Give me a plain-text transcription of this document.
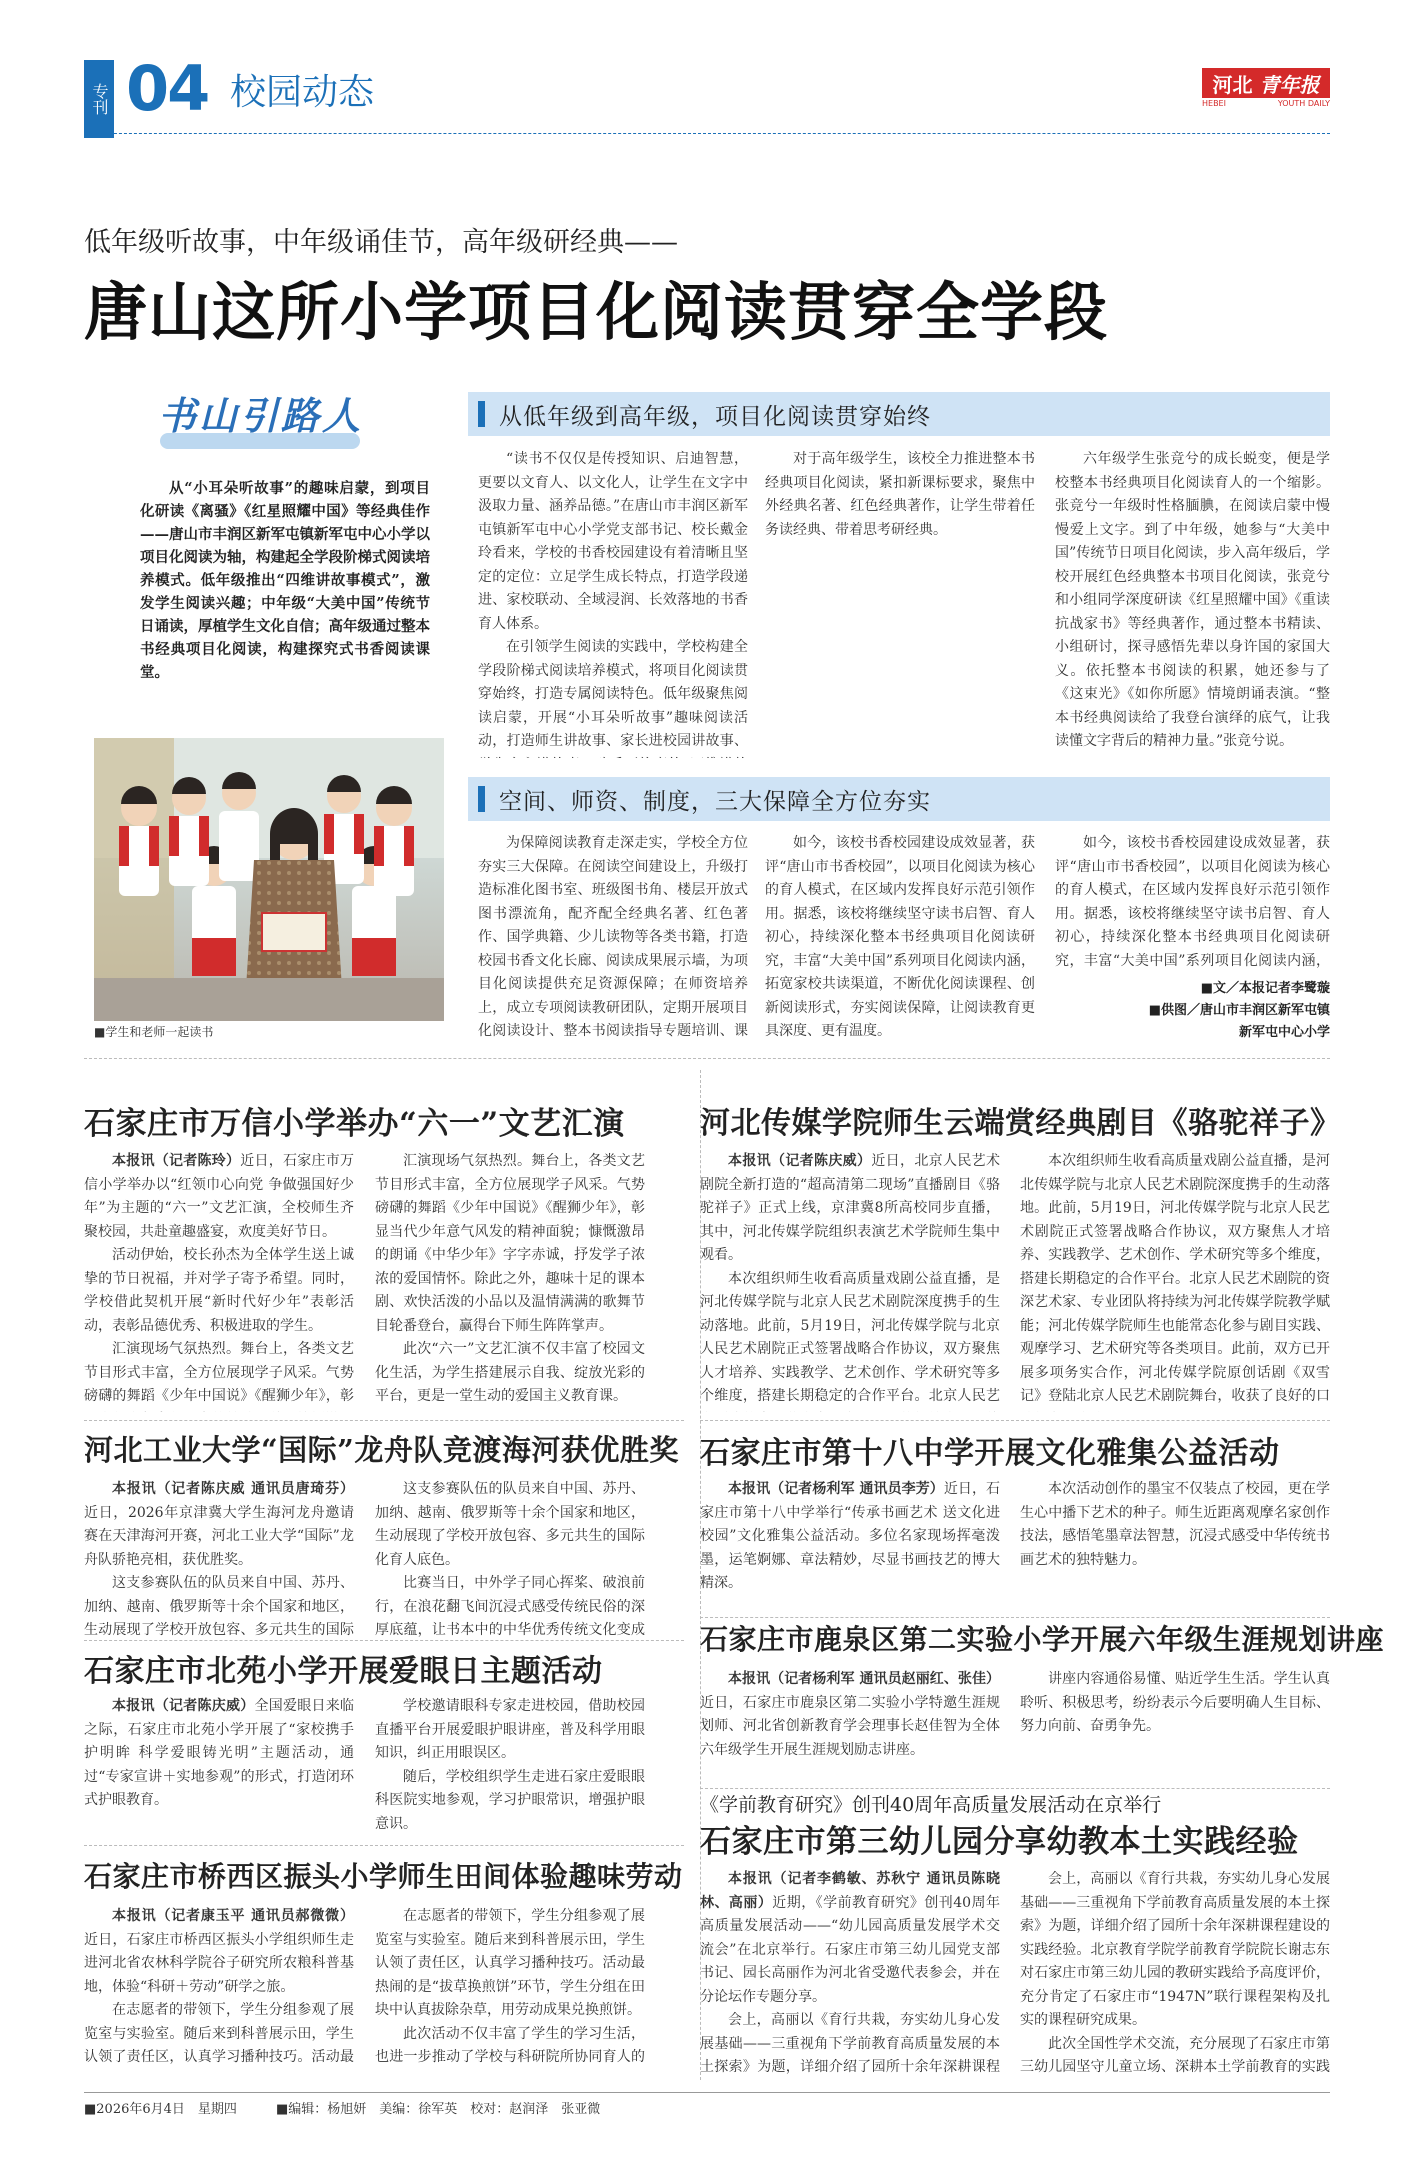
专刊 04 校园动态	河北
青年报
HEBEI	YOUTH DAILY
低年级听故事，中年级诵佳节，高年级研经典——
唐山这所小学项目化阅读贯穿全学段
书山引路人

从“小耳朵听故事”的趣味启蒙，到项目化研读《离骚》《红星照耀中国》等经典佳作——唐山市丰润区新军屯镇新军屯中心小学以项目化阅读为轴，构建起全学段阶梯式阅读培养模式。低年级推出“四维讲故事模式”，激发学生阅读兴趣；中年级“大美中国”传统节日诵读，厚植学生文化自信；高年级通过整本书经典项目化阅读，构建探究式书香阅读课堂。

■学生和老师一起读书
从低年级到高年级，项目化阅读贯穿始终

“读书不仅仅是传授知识、启迪智慧，更要以文育人、以文化人，让学生在文字中汲取力量、涵养品德。”在唐山市丰润区新军屯镇新军屯中心小学党支部书记、校长戴金玲看来，学校的书香校园建设有着清晰且坚定的定位：立足学生成长特点，打造学段递进、家校联动、全域浸润、长效落地的书香育人体系。

在引领学生阅读的实践中，学校构建全学段阶梯式阅读培养模式，将项目化阅读贯穿始终，打造专属阅读特色。低年级聚焦阅读启蒙，开展“小耳朵听故事”趣味阅读活动，打造师生讲故事、家长进校园讲故事、

对于高年级学生，该校全力推进整本书经典项目化阅读，紧扣新课标要求，聚焦中外经典名著、红色经典著作，让学生带着任务读经典、带着思考研经典。

六年级学生张竞兮的成长蜕变，便是学校整本书经典项目化阅读育人的一个缩影。张竞兮一年级时性格腼腆，在阅读启蒙中慢慢爱上文字。到了中年级，她参与“大美中国”传统节日项目化阅读，步入高年级后，学校开展红色经典整本书项目化阅读，张竞兮和小组同学深度研读《红星照耀中国》《重读抗战家书》等经典著作，通过整本书精读、小组研讨，探寻感悟先辈以身许国的家国大义。依托整本书阅读的积累，她还参与了《这束光》《如你所愿》情境朗诵表演。“整本书经典阅读给了我登台演绎的底气，让我读懂文字背后的精神力量。”张竞兮说。

空间、师资、制度，三大保障全方位夯实

为保障阅读教育走深走实，学校全方位夯实三大保障。在阅读空间建设上，升级打造标准化图书室、班级图书角、楼层开放式图书漂流角，配齐配全经典名著、红色著作、国学典籍、少儿读物等各类书籍，打造校园书香文化长廊、阅读成果展示墙，为项目化阅读提供充足资源保障；在师资培养上，成立专项阅读教研团队，定期开展项目化阅读设计、整本书阅读指导专题培训、课

如今，该校书香校园建设成效显著，获评“唐山市书香校园”，以项目化阅读为核心的育人模式，在区域内发挥良好示范引领作用。据悉，该校将继续坚守读书启智、育人初心，持续深化整本书经典项目化阅读研究，丰富“大美中国”系列项目化阅读内涵，拓宽家校共读渠道，不断优化阅读课程、创新阅读形式，夯实阅读保障，让阅读教育更具深度、更有温度。

如今，该校书香校园建设成效显著，获评“唐山市书香校园”，以项目化阅读为核心的育人模式，在区域内发挥良好示范引领作用。据悉，该校将继续坚守读书启智、育人初心，持续深化整本书经典项目化阅读研究，丰富“大美中国”系列项目化阅读内涵，

■文／本报记者李鹭璇
■供图／唐山市丰润区新军屯镇
新军屯中心小学
石家庄市万信小学举办“六一”文艺汇演

本报讯（记者陈玲）近日，石家庄市万信小学举办以“红领巾心向党 争做强国好少年”为主题的“六一”文艺汇演，全校师生齐聚校园，共赴童趣盛宴，欢度美好节日。

活动伊始，校长孙杰为全体学生送上诚挚的节日祝福，并对学子寄予希望。同时，学校借此契机开展“新时代好少年”表彰活动，表彰品德优秀、积极进取的学生。

汇演现场气氛热烈。舞台上，各类文艺节目形式丰富，全方位展现学子风采。气势磅礴的舞蹈《少年中国说》《醒狮少年》，彰

汇演现场气氛热烈。舞台上，各类文艺节目形式丰富，全方位展现学子风采。气势磅礴的舞蹈《少年中国说》《醒狮少年》，彰显当代少年意气风发的精神面貌；慷慨激昂的朗诵《中华少年》字字赤诚，抒发学子浓浓的爱国情怀。除此之外，趣味十足的课本剧、欢快活泼的小品以及温情满满的歌舞节目轮番登台，赢得台下师生阵阵掌声。

此次“六一”文艺汇演不仅丰富了校园文化生活，为学生搭建展示自我、绽放光彩的平台，更是一堂生动的爱国主义教育课。

河北工业大学“国际”龙舟队竞渡海河获优胜奖

本报讯（记者陈庆威 通讯员唐琦芬）近日，2026年京津冀大学生海河龙舟邀请赛在天津海河开赛，河北工业大学“国际”龙舟队骄艳亮相，获优胜奖。

这支参赛队伍的队员来自中国、苏丹、加纳、越南、俄罗斯等十余个国家和地区，生动展现了学校开放包容、多元共生的国际

这支参赛队伍的队员来自中国、苏丹、加纳、越南、俄罗斯等十余个国家和地区，生动展现了学校开放包容、多元共生的国际化育人底色。

比赛当日，中外学子同心挥桨、破浪前行，在浪花翻飞间沉浸式感受传统民俗的深厚底蕴，让书本中的中华优秀传统文化变成

石家庄市北苑小学开展爱眼日主题活动

本报讯（记者陈庆威）全国爱眼日来临之际，石家庄市北苑小学开展了“家校携手护明眸 科学爱眼铸光明”主题活动，通过“专家宣讲＋实地参观”的形式，打造闭环式护眼教育。

学校邀请眼科专家走进校园，借助校园直播平台开展爱眼护眼讲座，普及科学用眼知识，纠正用眼误区。

随后，学校组织学生走进石家庄爱眼眼科医院实地参观，学习护眼常识，增强护眼意识。

石家庄市桥西区振头小学师生田间体验趣味劳动

本报讯（记者康玉平 通讯员郝微微）近日，石家庄市桥西区振头小学组织师生走进河北省农林科学院谷子研究所农粮科普基地，体验“科研＋劳动”研学之旅。

在志愿者的带领下，学生分组参观了展览室与实验室。随后来到科普展示田，学生认领了责任区，认真学习播种技巧。活动最

在志愿者的带领下，学生分组参观了展览室与实验室。随后来到科普展示田，学生认领了责任区，认真学习播种技巧。活动最热闹的是“拔草换煎饼”环节，学生分组在田块中认真拔除杂草，用劳动成果兑换煎饼。

此次活动不仅丰富了学生的学习生活，也进一步推动了学校与科研院所协同育人的

河北传媒学院师生云端赏经典剧目《骆驼祥子》

本报讯（记者陈庆威）近日，北京人民艺术剧院全新打造的“超高清第二现场”直播剧目《骆驼祥子》正式上线，京津冀8所高校同步直播，其中，河北传媒学院组织表演艺术学院师生集中观看。

本次组织师生收看高质量戏剧公益直播，是河北传媒学院与北京人民艺术剧院深度携手的生动落地。此前，5月19日，河北传媒学院与北京人民艺术剧院正式签署战略合作协议，双方聚焦人才培养、实践教学、艺术创作、学术研究等多个维度，搭建长期稳定的合作平台。北京人民艺

本次组织师生收看高质量戏剧公益直播，是河北传媒学院与北京人民艺术剧院深度携手的生动落地。此前，5月19日，河北传媒学院与北京人民艺术剧院正式签署战略合作协议，双方聚焦人才培养、实践教学、艺术创作、学术研究等多个维度，搭建长期稳定的合作平台。北京人民艺术剧院的资深艺术家、专业团队将持续为河北传媒学院教学赋能；河北传媒学院师生也能常态化参与剧目实践、观摩学习、艺术研究等各类项目。此前，双方已开展多项务实合作，河北传媒学院原创话剧《双雪记》登陆北京人民艺术剧院舞台，收获了良好的口

石家庄市第十八中学开展文化雅集公益活动

本报讯（记者杨利军 通讯员李芳）近日，石家庄市第十八中学举行“传承书画艺术 送文化进校园”文化雅集公益活动。多位名家现场挥毫泼墨，运笔婀娜、章法精妙，尽显书画技艺的博大精深。

本次活动创作的墨宝不仅装点了校园，更在学生心中播下艺术的种子。师生近距离观摩名家创作技法，感悟笔墨章法智慧，沉浸式感受中华传统书画艺术的独特魅力。

石家庄市鹿泉区第二实验小学开展六年级生涯规划讲座

本报讯（记者杨利军 通讯员赵丽红、张佳）近日，石家庄市鹿泉区第二实验小学特邀生涯规划师、河北省创新教育学会理事长赵佳智为全体六年级学生开展生涯规划励志讲座。

讲座内容通俗易懂、贴近学生生活。学生认真聆听、积极思考，纷纷表示今后要明确人生目标、努力向前、奋勇争先。

《学前教育研究》创刊40周年高质量发展活动在京举行
石家庄市第三幼儿园分享幼教本土实践经验

本报讯（记者李鹤敏、苏秋宁 通讯员陈晓林、高丽）近期，《学前教育研究》创刊40周年高质量发展活动——“幼儿园高质量发展学术交流会”在北京举行。石家庄市第三幼儿园党支部书记、园长高丽作为河北省受邀代表参会，并在分论坛作专题分享。

会上，高丽以《育行共栽，夯实幼儿身心发展基础——三重视角下学前教育高质量发展的本土探索》为题，详细介绍了园所十余年深耕课程

会上，高丽以《育行共栽，夯实幼儿身心发展基础——三重视角下学前教育高质量发展的本土探索》为题，详细介绍了园所十余年深耕课程建设的实践经验。北京教育学院学前教育学院院长谢志东对石家庄市第三幼儿园的教研实践给予高度评价，充分肯定了石家庄市“1947N”联行课程架构及扎实的课程研究成果。

此次全国性学术交流，充分展现了石家庄市第三幼儿园坚守儿童立场、深耕本土学前教育的实践

■2026年6月4日　星期四	■编辑：杨旭妍　美编：徐军英　校对：赵润泽　张亚微
